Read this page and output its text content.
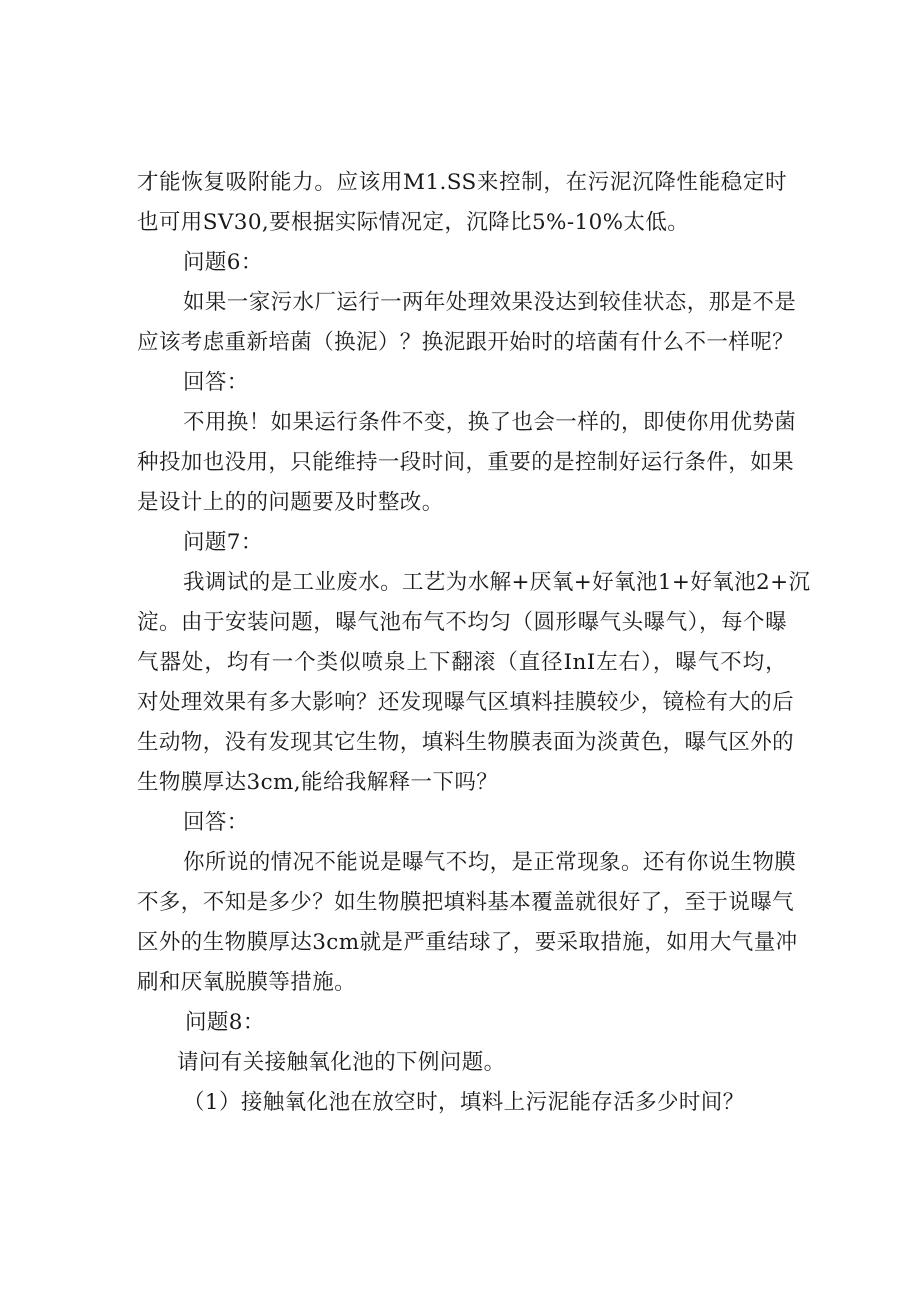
才能恢复吸附能力。应该用M1.SS来控制，在污泥沉降性能稳定时
也可用SV30,要根据实际情况定，沉降比5%-10%太低。
问题6：
如果一家污水厂运行一两年处理效果没达到较佳状态，那是不是
应该考虑重新培菌（换泥）？换泥跟开始时的培菌有什么不一样呢？
回答：
不用换！如果运行条件不变，换了也会一样的，即使你用优势菌
种投加也没用，只能维持一段时间，重要的是控制好运行条件，如果
是设计上的的问题要及时整改。
问题7：
我调试的是工业废水。工艺为水解+厌氧+好氧池1+好氧池2+沉
淀。由于安装问题，曝气池布气不均匀（圆形曝气头曝气），每个曝
气器处，均有一个类似喷泉上下翻滚（直径InI左右），曝气不均，
对处理效果有多大影响？还发现曝气区填料挂膜较少，镜检有大的后
生动物，没有发现其它生物，填料生物膜表面为淡黄色，曝气区外的
生物膜厚达3cm,能给我解释一下吗？
回答：
你所说的情况不能说是曝气不均，是正常现象。还有你说生物膜
不多，不知是多少？如生物膜把填料基本覆盖就很好了，至于说曝气
区外的生物膜厚达3cm就是严重结球了，要采取措施，如用大气量冲
刷和厌氧脱膜等措施。
问题8：
请问有关接触氧化池的下例问题。
（1）接触氧化池在放空时，填料上污泥能存活多少时间？
